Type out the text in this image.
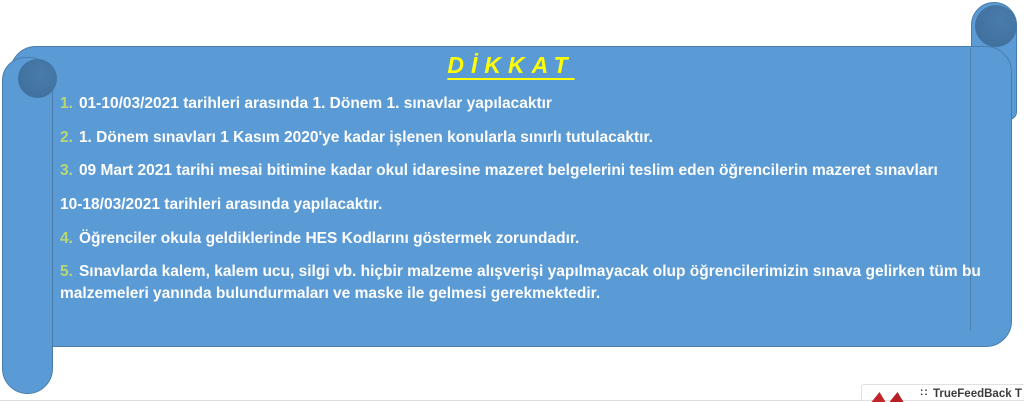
DİKKAT
1. 01-10/03/2021 tarihleri arasında 1. Dönem 1. sınavlar yapılacaktır
2. 1. Dönem sınavları 1 Kasım 2020'ye kadar işlenen konularla sınırlı tutulacaktır.
3. 09 Mart 2021 tarihi mesai bitimine kadar okul idaresine mazeret belgelerini teslim eden öğrencilerin mazeret sınavları
10-18/03/2021 tarihleri arasında yapılacaktır.
4. Öğrenciler okula geldiklerinde HES Kodlarını göstermek zorundadır.
5. Sınavlarda kalem, kalem ucu, silgi vb. hiçbir malzeme alışverişi yapılmayacak olup öğrencilerimizin sınava gelirken tüm bu
malzemeleri yanında bulundurmaları ve maske ile gelmesi gerekmektedir.
:: TrueFeedBack T
